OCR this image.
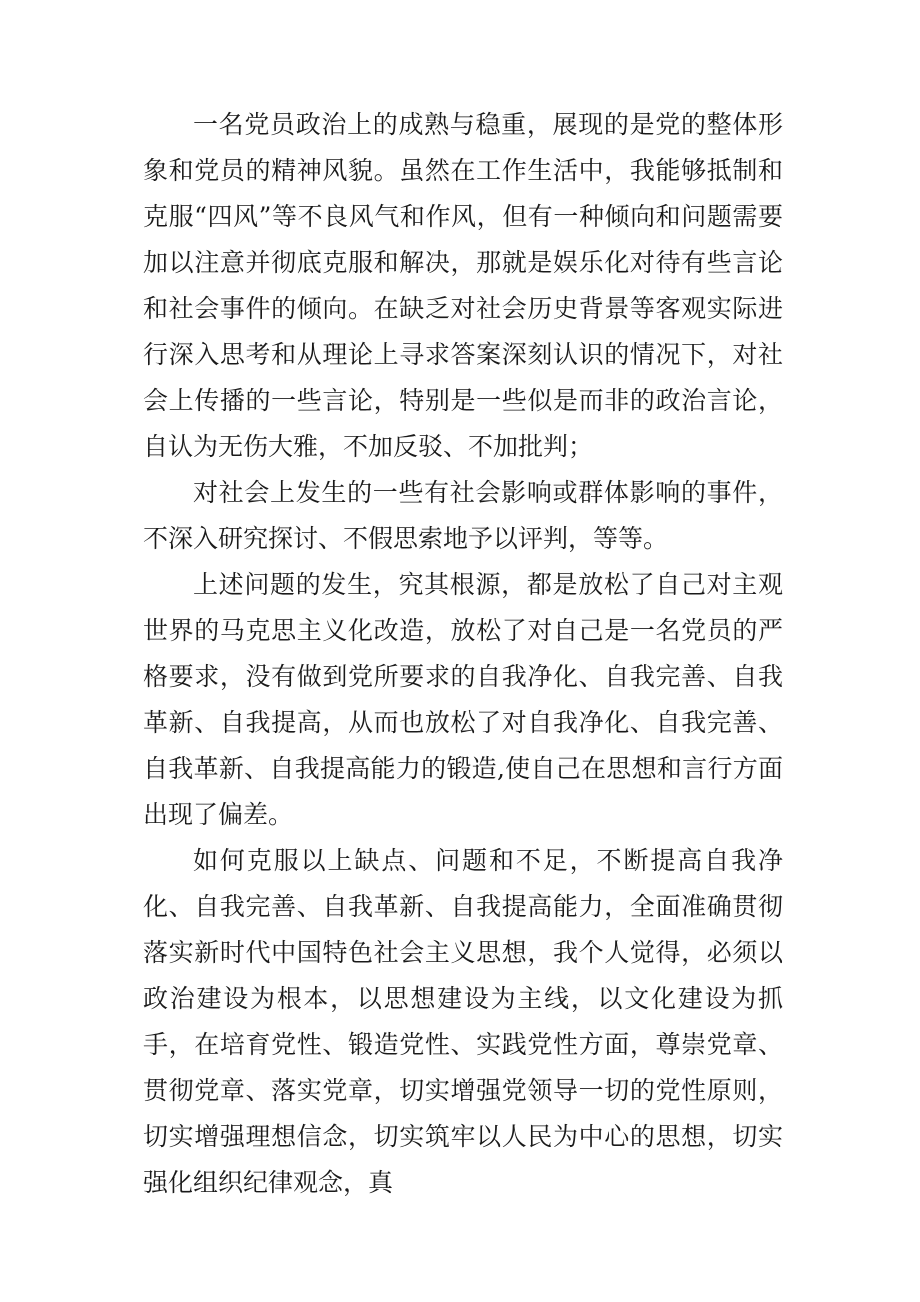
一名党员政治上的成熟与稳重，展现的是党的整体形象和党员的精神风貌。虽然在工作生活中，我能够抵制和克服“四风”等不良风气和作风，但有一种倾向和问题需要加以注意并彻底克服和解决，那就是娱乐化对待有些言论和社会事件的倾向。在缺乏对社会历史背景等客观实际进行深入思考和从理论上寻求答案深刻认识的情况下，对社会上传播的一些言论，特别是一些似是而非的政治言论，自认为无伤大雅，不加反驳、不加批判；

对社会上发生的一些有社会影响或群体影响的事件，不深入研究探讨、不假思索地予以评判，等等。

上述问题的发生，究其根源，都是放松了自己对主观世界的马克思主义化改造，放松了对自己是一名党员的严格要求，没有做到党所要求的自我净化、自我完善、自我革新、自我提高，从而也放松了对自我净化、自我完善、自我革新、自我提高能力的锻造,使自己在思想和言行方面出现了偏差。

如何克服以上缺点、问题和不足，不断提高自我净化、自我完善、自我革新、自我提高能力，全面准确贯彻落实新时代中国特色社会主义思想，我个人觉得，必须以政治建设为根本，以思想建设为主线，以文化建设为抓手，在培育党性、锻造党性、实践党性方面，尊崇党章、贯彻党章、落实党章，切实增强党领导一切的党性原则，切实增强理想信念，切实筑牢以人民为中心的思想，切实强化组织纪律观念，真
